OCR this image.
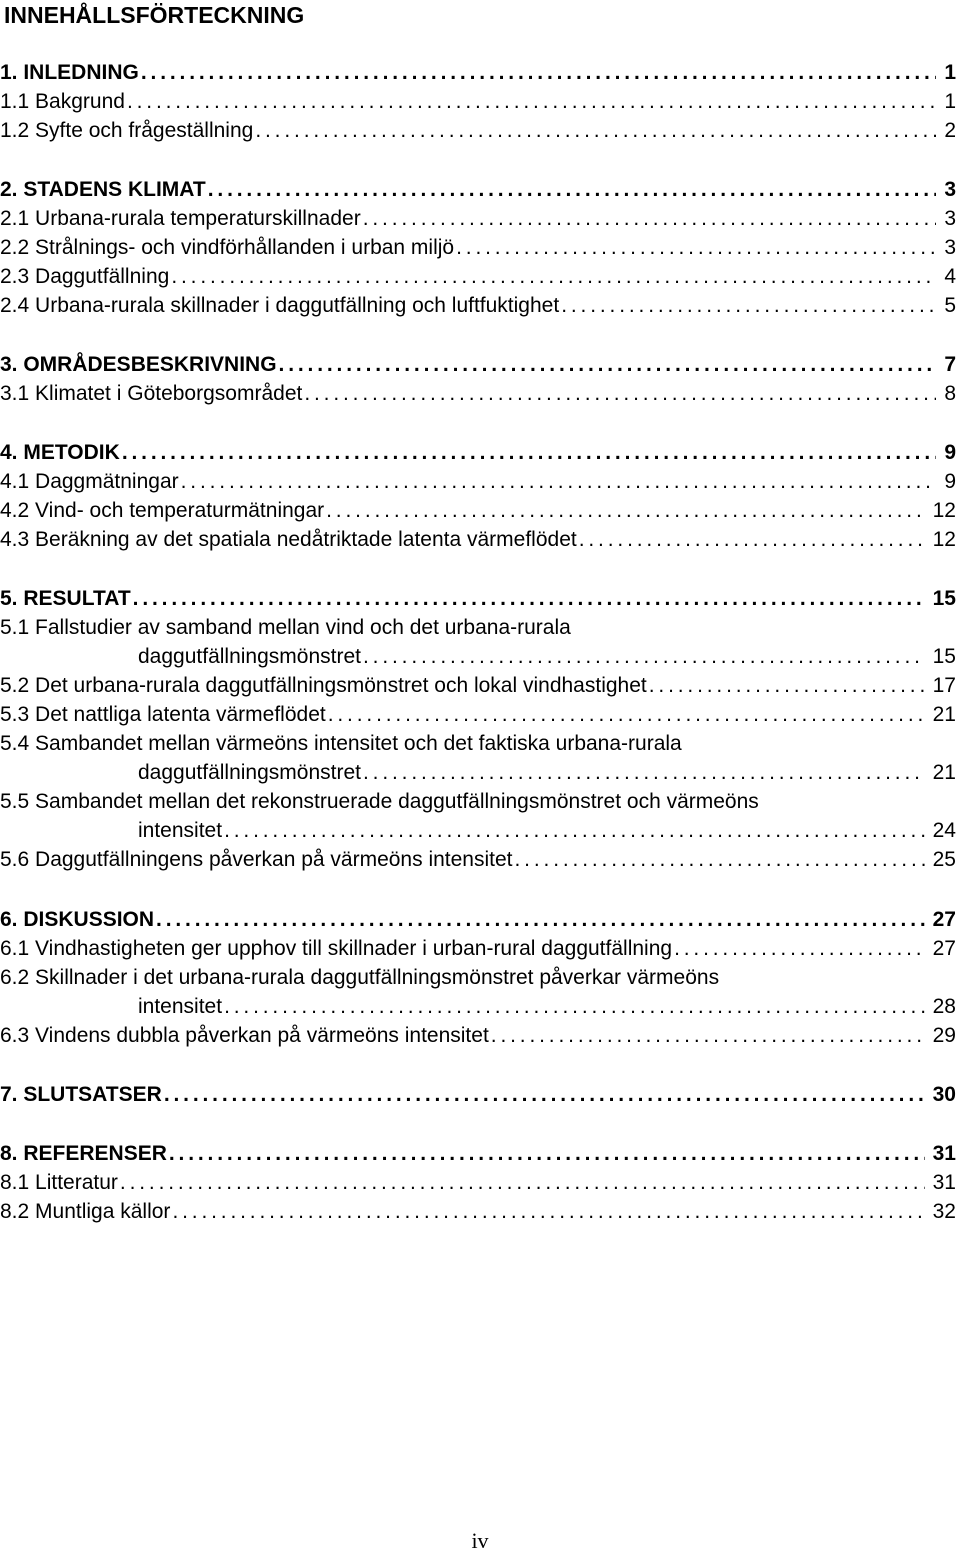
INNEHÅLLSFÖRTECKNING
1. INLEDNING . . .	1
1.1 Bakgrund . . .	1
1.2 Syfte och frågeställning . . .	2
2. STADENS KLIMAT . . .	3
2.1 Urbana-rurala temperaturskillnader . . .	3
2.2 Strålnings- och vindförhållanden i urban miljö . . .	3
2.3 Daggutfällning . . .	4
2.4 Urbana-rurala skillnader i daggutfällning och luftfuktighet . . .	5
3. OMRÅDESBESKRIVNING . . .	7
3.1 Klimatet i Göteborgsområdet . . .	8
4. METODIK . . .	9
4.1 Daggmätningar . . .	9
4.2 Vind- och temperaturmätningar . . .	12
4.3 Beräkning av det spatiala nedåtriktade latenta värmeflödet . . .	12
5. RESULTAT . . .	15
5.1 Fallstudier av samband mellan vind och det urbana-rurala
daggutfällningsmönstret . . .	15
5.2 Det urbana-rurala daggutfällningsmönstret och lokal vindhastighet . . .	17
5.3 Det nattliga latenta värmeflödet . . .	21
5.4 Sambandet mellan värmeöns intensitet och det faktiska urbana-rurala
daggutfällningsmönstret . . .	21
5.5 Sambandet mellan det rekonstruerade daggutfällningsmönstret och värmeöns
intensitet . . .	24
5.6 Daggutfällningens påverkan på värmeöns intensitet . . .	25
6. DISKUSSION . . .	27
6.1 Vindhastigheten ger upphov till skillnader i urban-rural daggutfällning . . .	27
6.2 Skillnader i det urbana-rurala daggutfällningsmönstret påverkar värmeöns
intensitet . . .	28
6.3 Vindens dubbla påverkan på värmeöns intensitet . . .	29
7. SLUTSATSER . . .	30
8. REFERENSER . . .	31
8.1 Litteratur . . .	31
8.2 Muntliga källor . . .	32
iv
